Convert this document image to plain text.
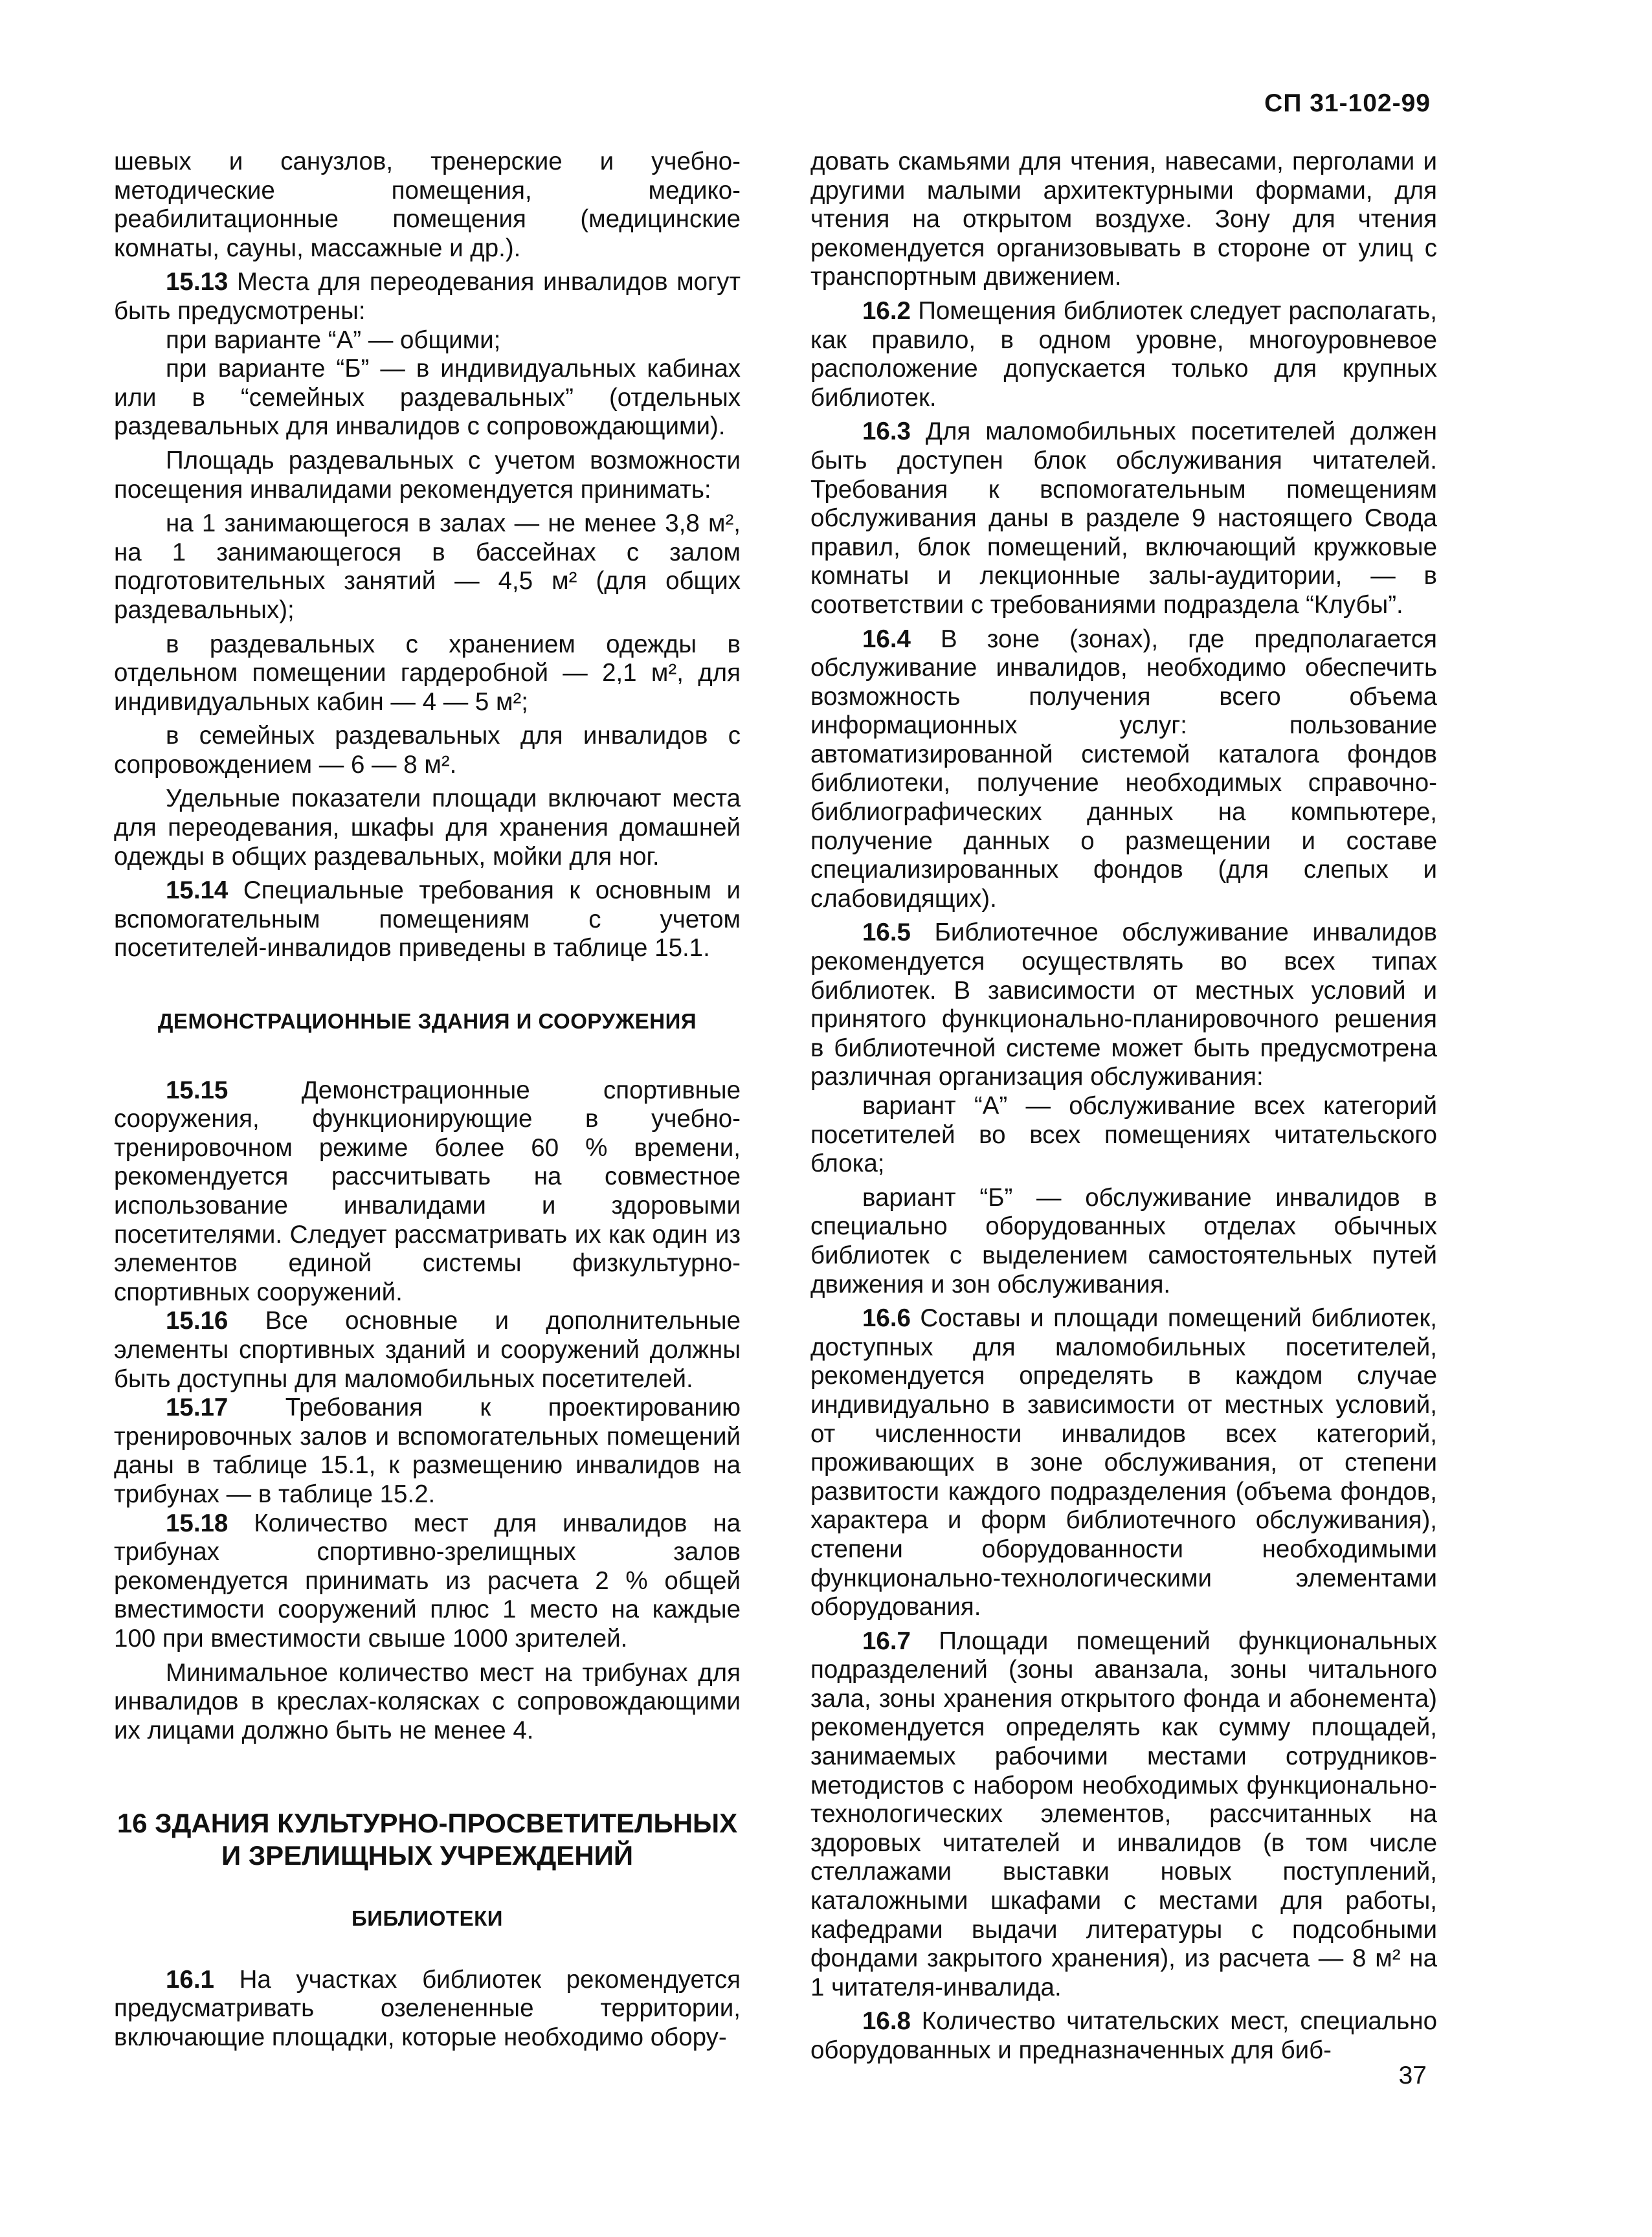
СП 31-102-99

шевых и санузлов, тренерские и учебно-методические помещения, медико-реабилитационные помещения (медицинские комнаты, сауны, массажные и др.).

15.13 Места для переодевания инвалидов могут быть предусмотрены:

при варианте “А” — общими;

при варианте “Б” — в индивидуальных кабинах или в “семейных раздевальных” (отдельных раздевальных для инвалидов с сопровождающими).

Площадь раздевальных с учетом возможности посещения инвалидами рекомендуется принимать:

на 1 занимающегося в залах — не менее 3,8 м², на 1 занимающегося в бассейнах с залом подготовительных занятий — 4,5 м² (для общих раздевальных);

в раздевальных с хранением одежды в отдельном помещении гардеробной — 2,1 м², для индивидуальных кабин — 4 — 5 м²;

в семейных раздевальных для инвалидов с сопровождением — 6 — 8 м².

Удельные показатели площади включают места для переодевания, шкафы для хранения домашней одежды в общих раздевальных, мойки для ног.

15.14 Специальные требования к основным и вспомогательным помещениям с учетом посетителей-инвалидов приведены в таблице 15.1.

ДЕМОНСТРАЦИОННЫЕ ЗДАНИЯ И СООРУЖЕНИЯ

15.15 Демонстрационные спортивные сооружения, функционирующие в учебно-тренировочном режиме более 60 % времени, рекомендуется рассчитывать на совместное использование инвалидами и здоровыми посетителями. Следует рассматривать их как один из элементов единой системы физкультурно-спортивных сооружений.

15.16 Все основные и дополнительные элементы спортивных зданий и сооружений должны быть доступны для маломобильных посетителей.

15.17 Требования к проектированию тренировочных залов и вспомогательных помещений даны в таблице 15.1, к размещению инвалидов на трибунах — в таблице 15.2.

15.18 Количество мест для инвалидов на трибунах спортивно-зрелищных залов рекомендуется принимать из расчета 2 % общей вместимости сооружений плюс 1 место на каждые 100 при вместимости свыше 1000 зрителей.

Минимальное количество мест на трибунах для инвалидов в креслах-колясках с сопровождающими их лицами должно быть не менее 4.

16 ЗДАНИЯ КУЛЬТУРНО-ПРОСВЕТИТЕЛЬНЫХ И ЗРЕЛИЩНЫХ УЧРЕЖДЕНИЙ
БИБЛИОТЕКИ

16.1 На участках библиотек рекомендуется предусматривать озелененные территории, включающие площадки, которые необходимо обору-

довать скамьями для чтения, навесами, перголами и другими малыми архитектурными формами, для чтения на открытом воздухе. Зону для чтения рекомендуется организовывать в стороне от улиц с транспортным движением.

16.2 Помещения библиотек следует располагать, как правило, в одном уровне, многоуровневое расположение допускается только для крупных библиотек.

16.3 Для маломобильных посетителей должен быть доступен блок обслуживания читателей. Требования к вспомогательным помещениям обслуживания даны в разделе 9 настоящего Свода правил, блок помещений, включающий кружковые комнаты и лекционные залы-аудитории, — в соответствии с требованиями подраздела “Клубы”.

16.4 В зоне (зонах), где предполагается обслуживание инвалидов, необходимо обеспечить возможность получения всего объема информационных услуг: пользование автоматизированной системой каталога фондов библиотеки, получение необходимых справочно-библиографических данных на компьютере, получение данных о размещении и составе специализированных фондов (для слепых и слабовидящих).

16.5 Библиотечное обслуживание инвалидов рекомендуется осуществлять во всех типах библиотек. В зависимости от местных условий и принятого функционально-планировочного решения в библиотечной системе может быть предусмотрена различная организация обслуживания:

вариант “А” — обслуживание всех категорий посетителей во всех помещениях читательского блока;

вариант “Б” — обслуживание инвалидов в специально оборудованных отделах обычных библиотек с выделением самостоятельных путей движения и зон обслуживания.

16.6 Составы и площади помещений библиотек, доступных для маломобильных посетителей, рекомендуется определять в каждом случае индивидуально в зависимости от местных условий, от численности инвалидов всех категорий, проживающих в зоне обслуживания, от степени развитости каждого подразделения (объема фондов, характера и форм библиотечного обслуживания), степени оборудованности необходимыми функционально-технологическими элементами оборудования.

16.7 Площади помещений функциональных подразделений (зоны аванзала, зоны читального зала, зоны хранения открытого фонда и абонемента) рекомендуется определять как сумму площадей, занимаемых рабочими местами сотрудников-методистов с набором необходимых функционально-технологических элементов, рассчитанных на здоровых читателей и инвалидов (в том числе стеллажами выставки новых поступлений, каталожными шкафами с местами для работы, кафедрами выдачи литературы с подсобными фондами закрытого хранения), из расчета — 8 м² на 1 читателя-инвалида.

16.8 Количество читательских мест, специально оборудованных и предназначенных для биб-

37
